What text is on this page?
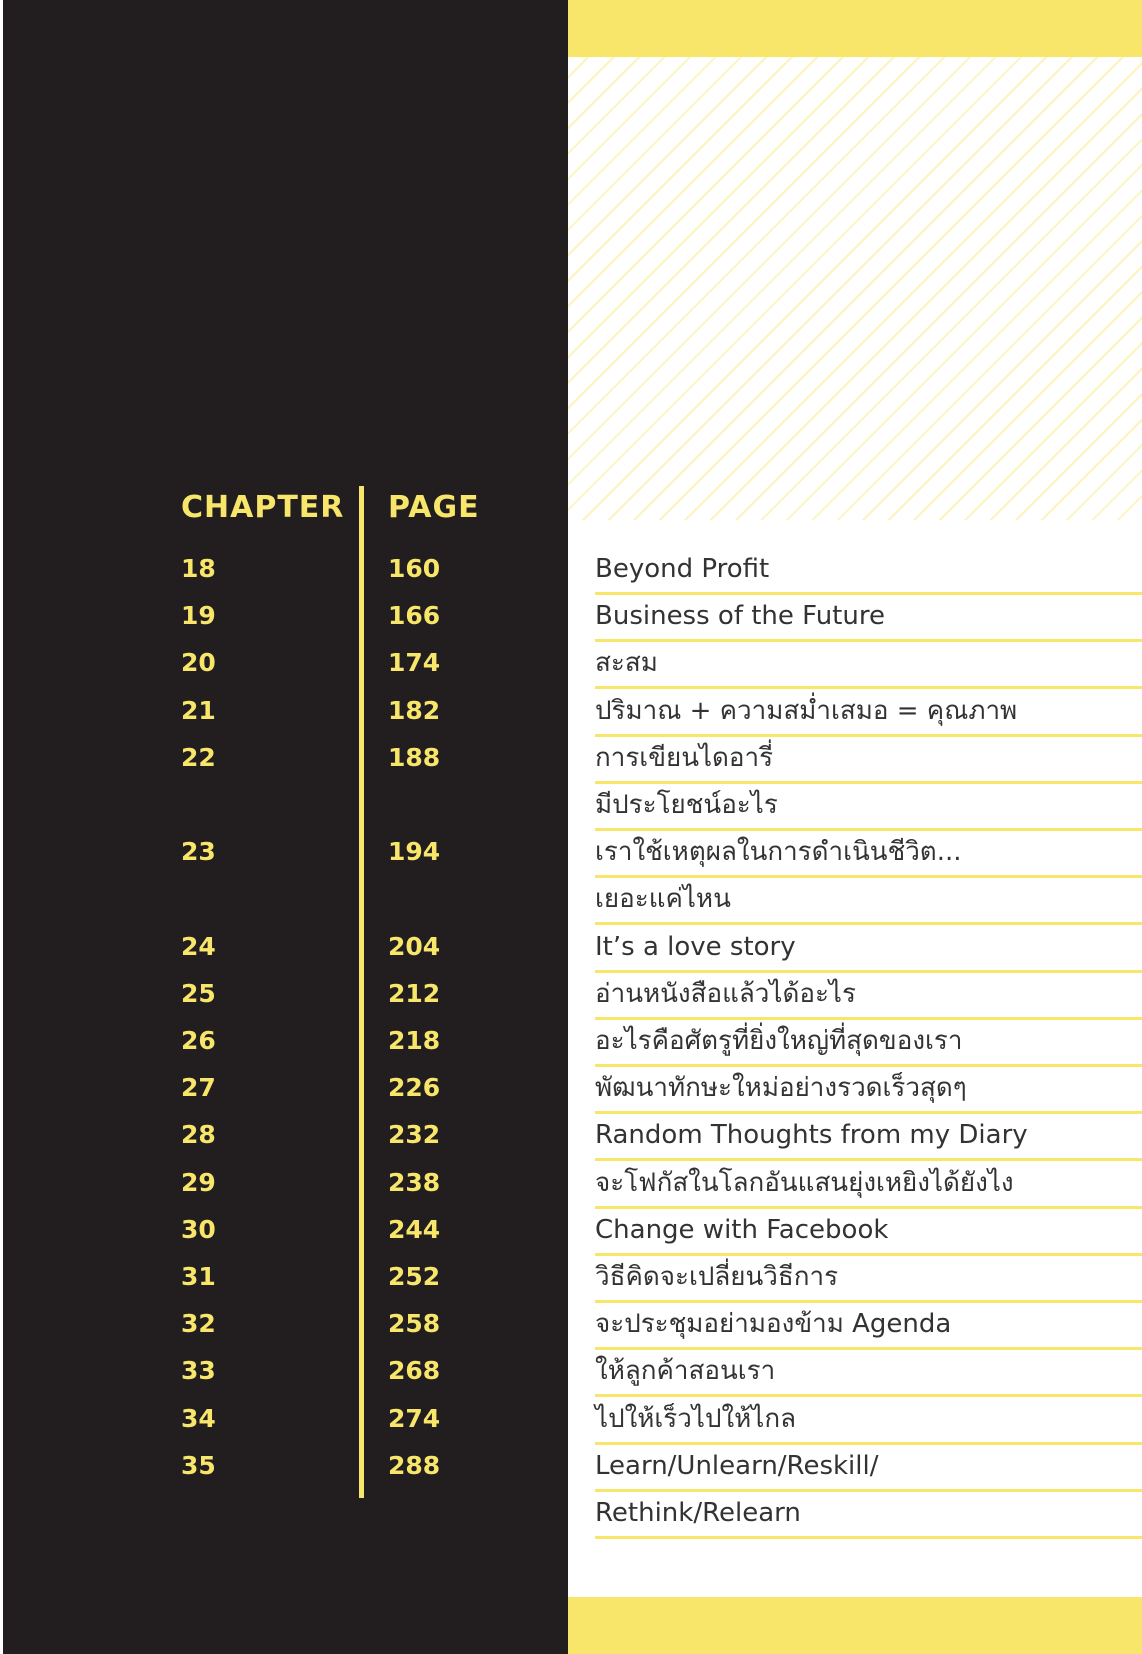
CHAPTER PAGE
18	160	Beyond Profit
19	166	Business of the Future
20	174	สะสม
21	182	ปริมาณ + ความสม่ำเสมอ = คุณภาพ
22	188	การเขียนไดอารี่
มีประโยชน์อะไร
23	194	เราใช้เหตุผลในการดำเนินชีวิต...
เยอะแค่ไหน
24	204	It’s a love story
25	212	อ่านหนังสือแล้วได้อะไร
26	218	อะไรคือศัตรูที่ยิ่งใหญ่ที่สุดของเรา
27	226	พัฒนาทักษะใหม่อย่างรวดเร็วสุดๆ
28	232	Random Thoughts from my Diary
29	238	จะโฟกัสในโลกอันแสนยุ่งเหยิงได้ยังไง
30	244	Change with Facebook
31	252	วิธีคิดจะเปลี่ยนวิธีการ
32	258	จะประชุมอย่ามองข้าม Agenda
33	268	ให้ลูกค้าสอนเรา
34	274	ไปให้เร็วไปให้ไกล
35	288	Learn/Unlearn/Reskill/
Rethink/Relearn
